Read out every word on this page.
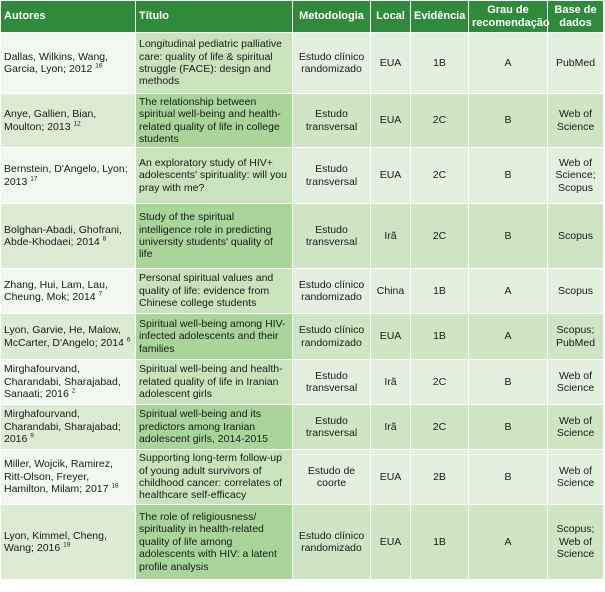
Autores	Título	Metodologia	Local	Evidência	Grau de recomendação	Base de dados
Dallas, Wilkins, Wang, Garcia, Lyon; 2012 $^{16}$	Longitudinal pediatric palliative care: quality of life & spiritual struggle (FACE): design and methods	Estudo clínico randomizado	EUA	1B	A	PubMed
Anye, Gallien, Bian, Moulton; 2013 $^{12}$	The relationship between spiritual well-being and health-related quality of life in college students	Estudo transversal	EUA	2C	B	Web of Science
Bernstein, D'Angelo, Lyon; 2013 $^{17}$	An exploratory study of HIV+ adolescents' spirituality: will you pray with me?	Estudo transversal	EUA	2C	B	Web of Science; Scopus
Bolghan-Abadi, Ghofrani, Abde-Khodaei; 2014 $^8$	Study of the spiritual intelligence role in predicting university students' quality of life	Estudo transversal	Irã	2C	B	Scopus
Zhang, Hui, Lam, Lau, Cheung, Mok; 2014 $^7$	Personal spiritual values and quality of life: evidence from Chinese college students	Estudo clínico randomizado	China	1B	A	Scopus
Lyon, Garvie, He, Malow, McCarter, D'Angelo; 2014 $^6$	Spiritual well-being among HIV-infected adolescents and their families	Estudo clínico randomizado	EUA	1B	A	Scopus; PubMed
Mirghafourvand, Charandabi, Sharajabad, Sanaati; 2016 $^2$	Spiritual well-being and health-related quality of life in Iranian adolescent girls	Estudo transversal	Irã	2C	B	Web of Science
Mirghafourvand, Charandabi, Sharajabad; 2016 $^9$	Spiritual well-being and its predictors among Iranian adolescent girls, 2014-2015	Estudo transversal	Irã	2C	B	Web of Science
Miller, Wojcik, Ramirez, Ritt-Olson, Freyer, Hamilton, Milam; 2017 $^{18}$	Supporting long-term follow-up of young adult survivors of childhood cancer: correlates of healthcare self-efficacy	Estudo de coorte	EUA	2B	B	Web of Science
Lyon, Kimmel, Cheng, Wang; 2016 $^{19}$	The role of religiousness/ spirituality in health-related quality of life among adolescents with HIV: a latent profile analysis	Estudo clínico randomizado	EUA	1B	A	Scopus; Web of Science
